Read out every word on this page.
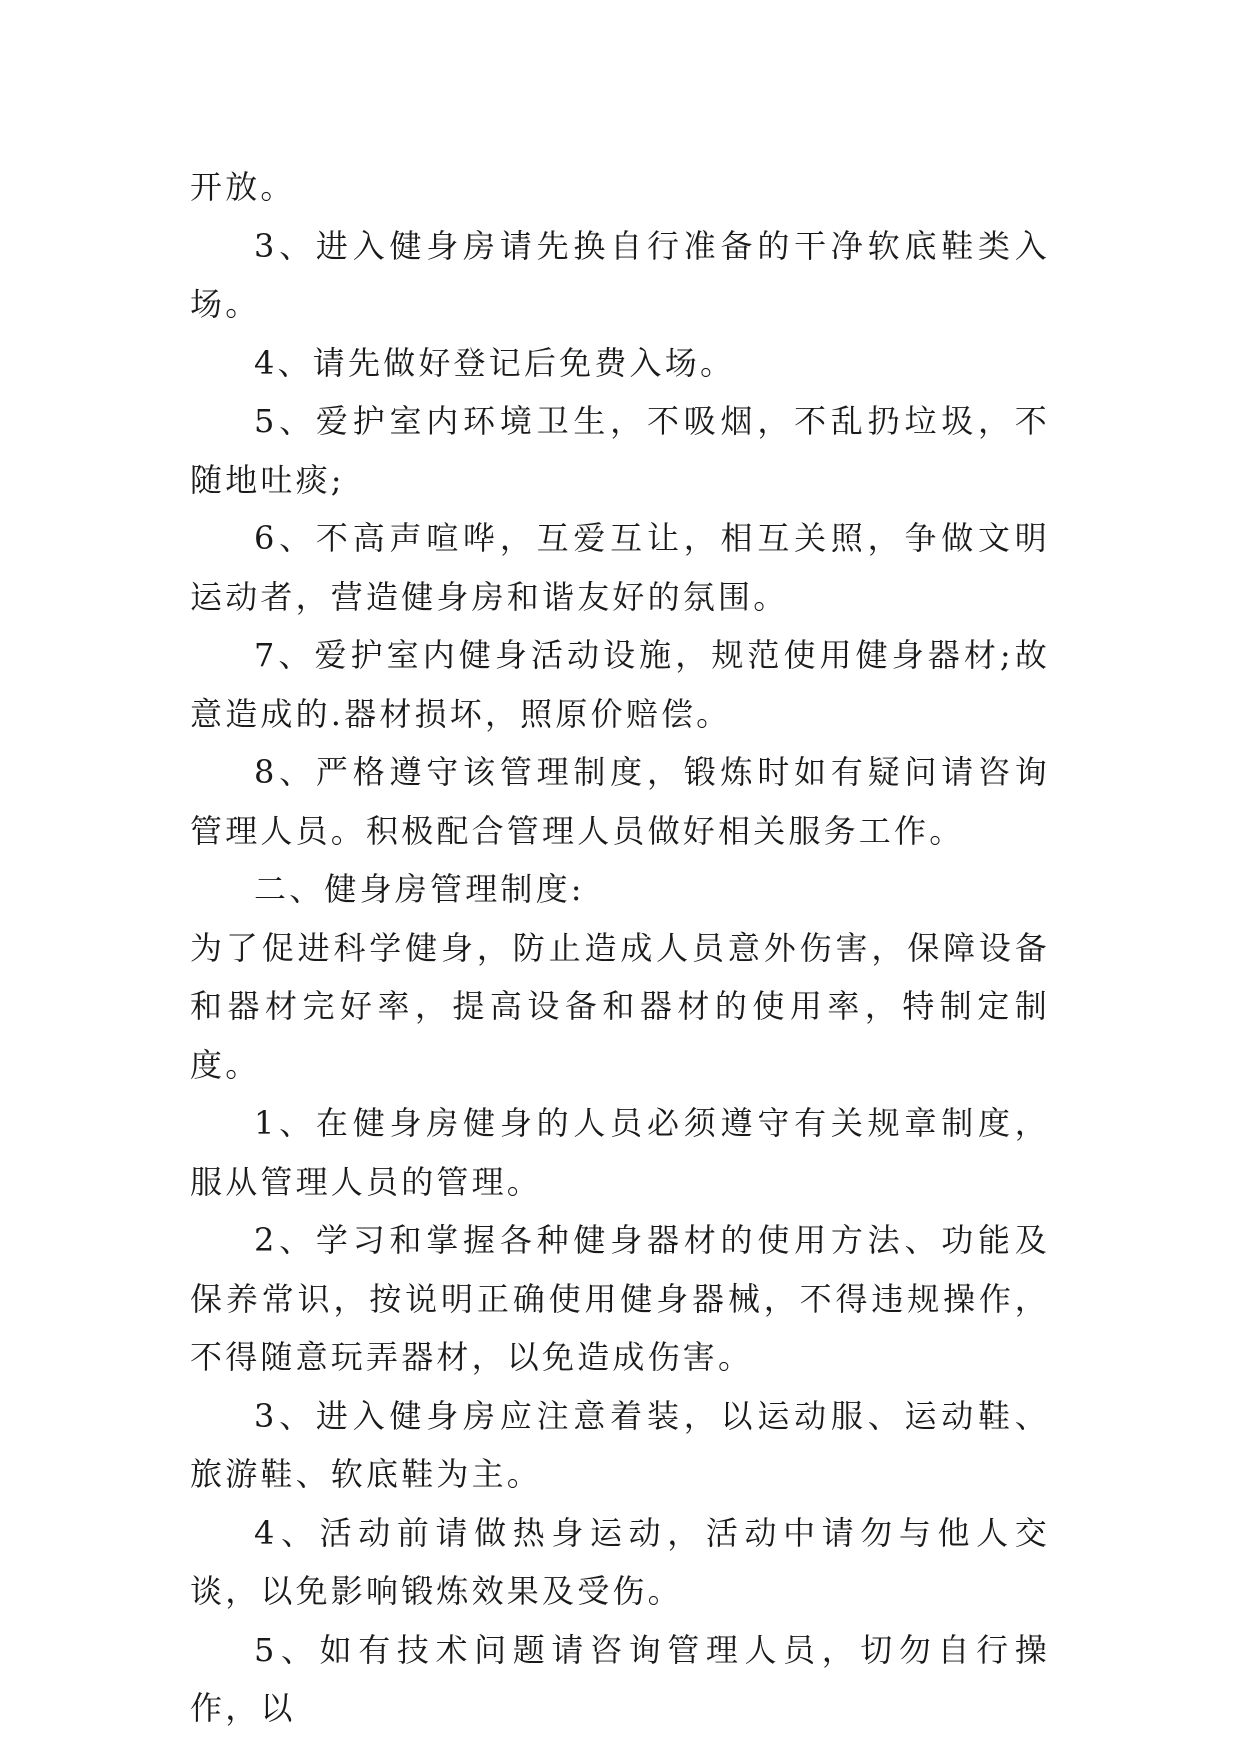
开放。

3、进入健身房请先换自行准备的干净软底鞋类入场。

4、请先做好登记后免费入场。

5、爱护室内环境卫生，不吸烟，不乱扔垃圾，不随地吐痰;

6、不高声喧哗，互爱互让，相互关照，争做文明运动者，营造健身房和谐友好的氛围。

7、爱护室内健身活动设施，规范使用健身器材;故意造成的.器材损坏，照原价赔偿。

8、严格遵守该管理制度，锻炼时如有疑问请咨询管理人员。积极配合管理人员做好相关服务工作。

二、健身房管理制度:

为了促进科学健身，防止造成人员意外伤害，保障设备和器材完好率，提高设备和器材的使用率，特制定制度。

1、在健身房健身的人员必须遵守有关规章制度，服从管理人员的管理。

2、学习和掌握各种健身器材的使用方法、功能及保养常识，按说明正确使用健身器械，不得违规操作，不得随意玩弄器材，以免造成伤害。

3、进入健身房应注意着装，以运动服、运动鞋、旅游鞋、软底鞋为主。

4、活动前请做热身运动，活动中请勿与他人交谈，以免影响锻炼效果及受伤。

5、如有技术问题请咨询管理人员，切勿自行操作，以
